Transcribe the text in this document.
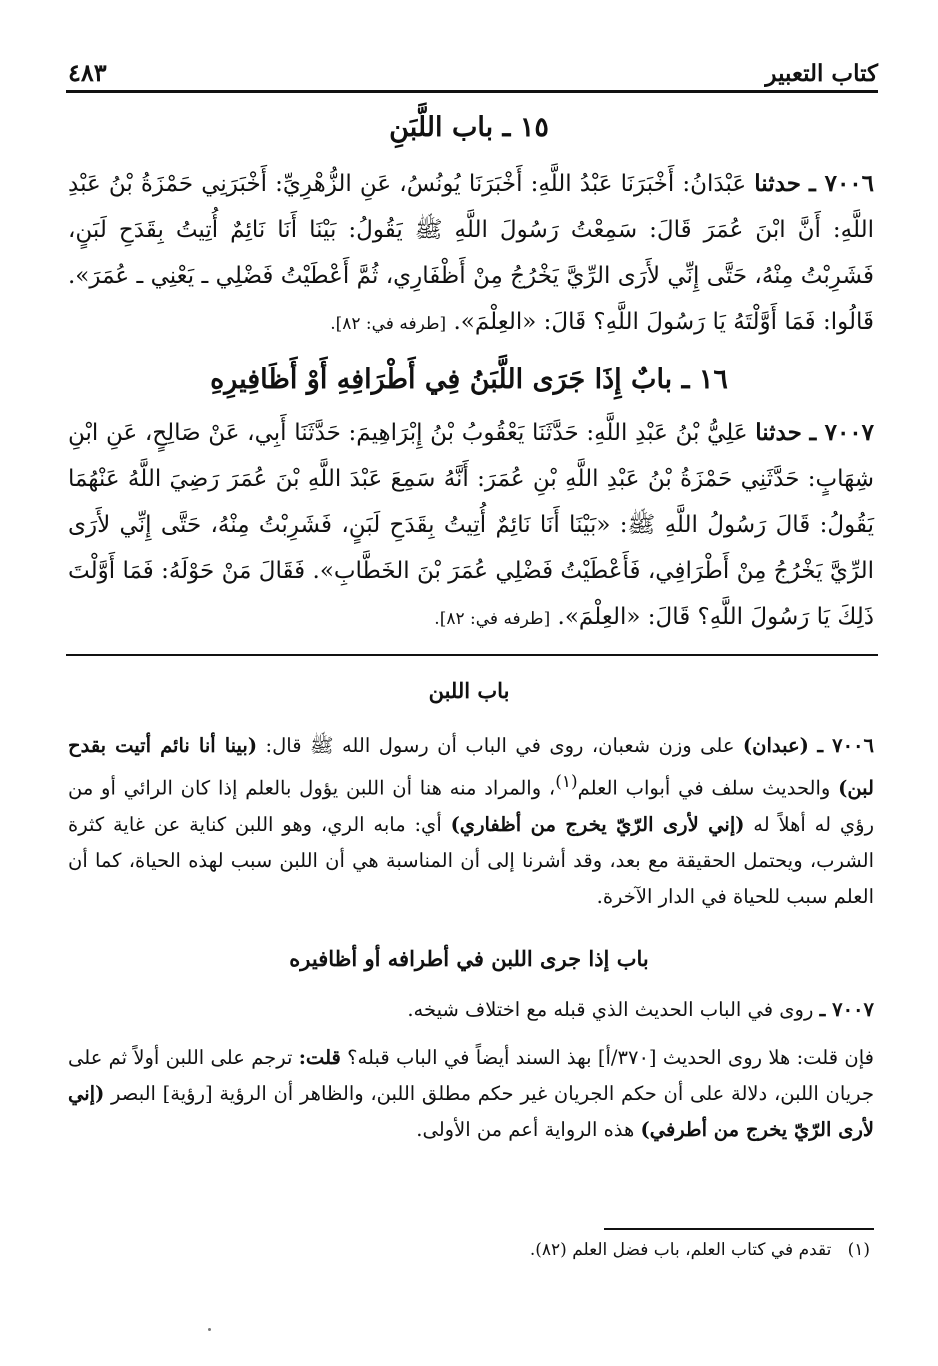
كتاب التعبير
٤٨٣
١٥ ـ باب اللَّبَنِ

٧٠٠٦ ـ حدثنا عَبْدَانُ: أَخْبَرَنَا عَبْدُ اللَّهِ: أَخْبَرَنَا يُونُسُ، عَنِ الزُّهْرِيِّ: أَخْبَرَنِي حَمْزَةُ بْنُ عَبْدِ اللَّهِ: أَنَّ ابْنَ عُمَرَ قَالَ: سَمِعْتُ رَسُولَ اللَّهِ ﷺ يَقُولُ: بَيْنَا أَنَا نَائِمٌ أُتِيتُ بِقَدَحِ لَبَنٍ، فَشَرِبْتُ مِنْهُ، حَتَّى إِنِّي لأَرَى الرِّيَّ يَخْرُجُ مِنْ أَظْفَارِي، ثُمَّ أَعْطَيْتُ فَضْلِي ـ يَعْنِي ـ عُمَرَ». قَالُوا: فَمَا أَوَّلْتَهُ يَا رَسُولَ اللَّهِ؟ قَالَ: «العِلْمَ». [طرفه في: ٨٢].

١٦ ـ بابٌ إِذَا جَرَى اللَّبَنُ فِي أَطْرَافِهِ أَوْ أَظَافِيرِهِ

٧٠٠٧ ـ حدثنا عَلِيُّ بْنُ عَبْدِ اللَّهِ: حَدَّثَنَا يَعْقُوبُ بْنُ إِبْرَاهِيمَ: حَدَّثَنَا أَبِي، عَنْ صَالِحٍ، عَنِ ابْنِ شِهَابٍ: حَدَّثَنِي حَمْزَةُ بْنُ عَبْدِ اللَّهِ بْنِ عُمَرَ: أَنَّهُ سَمِعَ عَبْدَ اللَّهِ بْنَ عُمَرَ رَضِيَ اللَّهُ عَنْهُمَا يَقُولُ: قَالَ رَسُولُ اللَّهِ ﷺ: «بَيْنَا أَنَا نَائِمٌ أُتِيتُ بِقَدَحِ لَبَنٍ، فَشَرِبْتُ مِنْهُ، حَتَّى إِنِّي لأَرَى الرِّيَّ يَخْرُجُ مِنْ أَطْرَافِي، فَأَعْطَيْتُ فَضْلِي عُمَرَ بْنَ الخَطَّابِ». فَقَالَ مَنْ حَوْلَهُ: فَمَا أَوَّلْتَ ذَلِكَ يَا رَسُولَ اللَّهِ؟ قَالَ: «العِلْمَ». [طرفه في: ٨٢].

باب اللبن

٧٠٠٦ ـ (عبدان) على وزن شعبان، روى في الباب أن رسول الله ﷺ قال: (بينا أنا نائم أتيت بقدح لبن) والحديث سلف في أبواب العلم$^{(١)}$، والمراد منه هنا أن اللبن يؤول بالعلم إذا كان الرائي أو من رؤي له أهلاً له (إني لأرى الرّيّ يخرج من أظفاري) أي: مابه الري، وهو اللبن كناية عن غاية كثرة الشرب، ويحتمل الحقيقة مع بعد، وقد أشرنا إلى أن المناسبة هي أن اللبن سبب لهذه الحياة، كما أن العلم سبب للحياة في الدار الآخرة.

باب إذا جرى اللبن في أطرافه أو أظافيره

٧٠٠٧ ـ روى في الباب الحديث الذي قبله مع اختلاف شيخه.

فإن قلت: هلا روى الحديث [٣٧٠/أ] بهذ السند أيضاً في الباب قبله؟ قلت: ترجم على اللبن أولاً ثم على جريان اللبن، دلالة على أن حكم الجريان غير حكم مطلق اللبن، والظاهر أن الرؤية [رؤية] البصر (إني لأرى الرّيّ يخرج من أطرفي) هذه الرواية أعم من الأولى.

(١)   تقدم في كتاب العلم، باب فضل العلم (٨٢).
